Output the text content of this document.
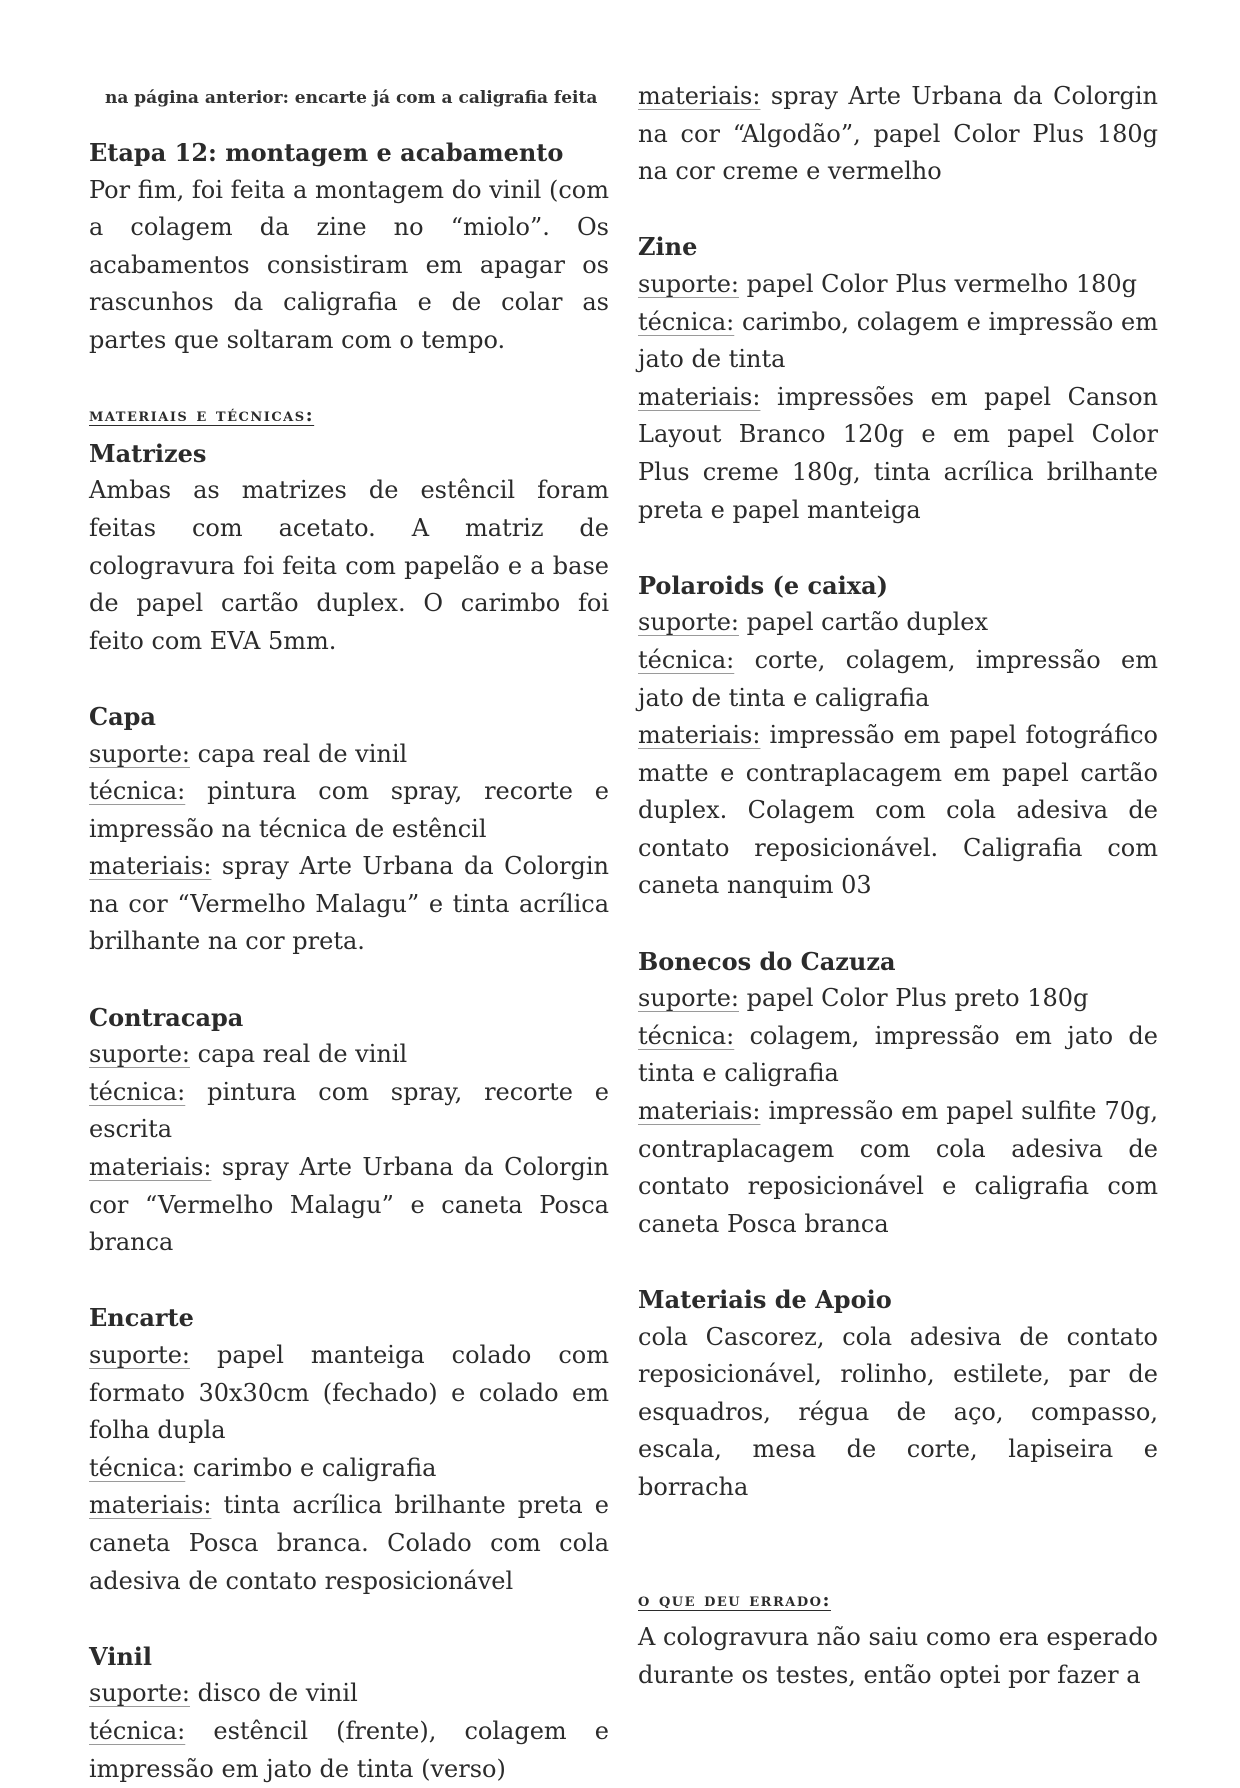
na página anterior: encarte já com a caligrafia feita

Etapa 12: montagem e acabamento

Por fim, foi feita a montagem do vinil (com a colagem da zine no “miolo”. Os acabamentos consistiram em apagar os rascunhos da caligrafia e de colar as partes que soltaram com o tempo.

materiais e técnicas:
Matrizes

Ambas as matrizes de estêncil foram feitas com acetato. A matriz de cologravura foi feita com papelão e a base de papel cartão duplex. O carimbo foi feito com EVA 5mm.

Capa

suporte: capa real de vinil

técnica: pintura com spray, recorte e impressão na técnica de estêncil

materiais: spray Arte Urbana da Colorgin na cor “Vermelho Malagu” e tinta acrílica brilhante na cor preta.

Contracapa

suporte: capa real de vinil

técnica: pintura com spray, recorte e escrita

materiais: spray Arte Urbana da Colorgin cor “Vermelho Malagu” e caneta Posca branca

Encarte

suporte: papel manteiga colado com formato 30x30cm (fechado) e colado em folha dupla

técnica: carimbo e caligrafia

materiais: tinta acrílica brilhante preta e caneta Posca branca. Colado com cola adesiva de contato resposicionável

Vinil

suporte: disco de vinil

técnica: estêncil (frente), colagem e impressão em jato de tinta (verso)

materiais: spray Arte Urbana da Colorgin na cor “Algodão”, papel Color Plus 180g na cor creme e vermelho

Zine

suporte: papel Color Plus vermelho 180g

técnica: carimbo, colagem e impressão em jato de tinta

materiais: impressões em papel Canson Layout Branco 120g e em papel Color Plus creme 180g, tinta acrílica brilhante preta e papel manteiga

Polaroids (e caixa)

suporte: papel cartão duplex

técnica: corte, colagem, impressão em jato de tinta e caligrafia

materiais: impressão em papel fotográfico matte e contraplacagem em papel cartão duplex. Colagem com cola adesiva de contato reposicionável. Caligrafia com caneta nanquim 03

Bonecos do Cazuza

suporte: papel Color Plus preto 180g

técnica: colagem, impressão em jato de tinta e caligrafia

materiais: impressão em papel sulfite 70g, contraplacagem com cola adesiva de contato reposicionável e caligrafia com caneta Posca branca

Materiais de Apoio

cola Cascorez, cola adesiva de contato reposicionável, rolinho, estilete, par de esquadros, régua de aço, compasso, escala, mesa de corte, lapiseira e borracha

o que deu errado:

A cologravura não saiu como era esperado durante os testes, então optei por fazer a
